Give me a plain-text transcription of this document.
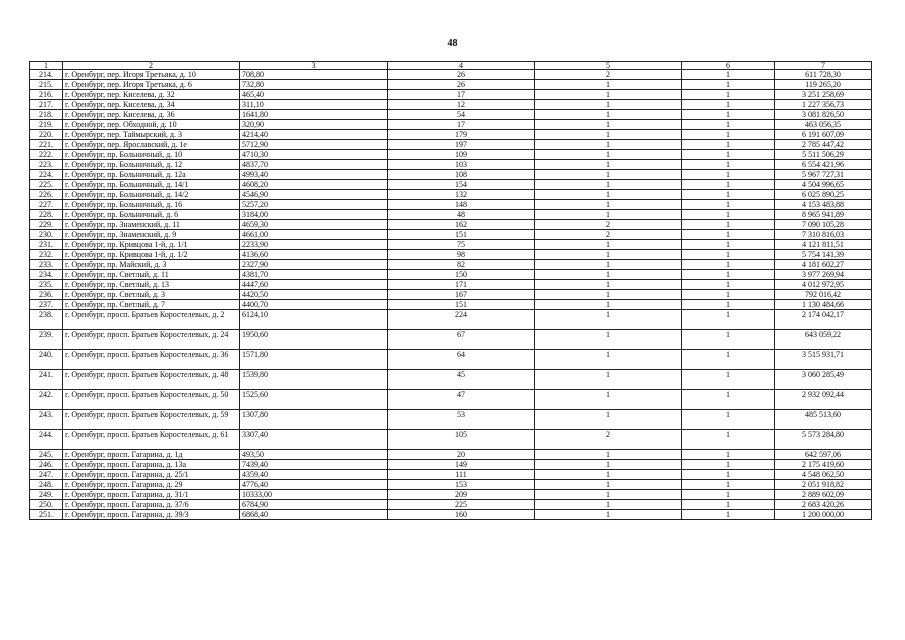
48
1	2	3	4	5	6	7
214.	г. Оренбург, пер. Игоря Третьяка, д. 10	708,80	26	2	1	611 728,30
215.	г. Оренбург, пер. Игоря Третьяка, д. 6	732,80	26	1	1	119 265,20
216.	г. Оренбург, пер. Киселева, д. 32	465,40	17	1	1	3 251 258,69
217.	г. Оренбург, пер. Киселева, д. 34	311,10	12	1	1	1 227 356,73
218.	г. Оренбург, пер. Киселева, д. 36	1641,80	54	1	1	3 081 826,50
219.	г. Оренбург, пер. Обходной, д. 10	320,90	17	1	1	463 056,35
220.	г. Оренбург, пер. Таймырский, д. 3	4214,40	179	1	1	6 191 607,09
221.	г. Оренбург, пер. Ярославский, д. 1е	5712,90	197	1	1	2 785 447,42
222.	г. Оренбург, пр. Больничный, д. 10	4710,30	109	1	1	5 511 506,29
223.	г. Оренбург, пр. Больничный, д. 12	4837,70	103	1	1	6 554 421,96
224.	г. Оренбург, пр. Больничный, д. 12а	4993,40	108	1	1	5 967 727,31
225.	г. Оренбург, пр. Больничный, д. 14/1	4608,20	154	1	1	4 504 996,65
226.	г. Оренбург, пр. Больничный, д. 14/2	4546,90	132	1	1	6 025 890,25
227.	г. Оренбург, пр. Больничный, д. 16	5257,20	148	1	1	4 153 483,88
228.	г. Оренбург, пр. Больничный, д. 6	3184,00	48	1	1	8 965 941,89
229.	г. Оренбург, пр. Знаменский, д. 11	4659,30	162	2	1	7 090 105,28
230.	г. Оренбург, пр. Знаменский, д. 9	4661,00	151	2	1	7 310 816,03
231.	г. Оренбург, пр. Кривцова 1-й, д. 1/1	2233,90	75	1	1	4 121 811,51
232.	г. Оренбург, пр. Кривцова 1-й, д. 1/2	4136,60	98	1	1	5 754 141,39
233.	г. Оренбург, пр. Майский, д. 3	2327,90	82	1	1	4 181 602,27
234.	г. Оренбург, пр. Светлый, д. 11	4381,70	150	1	1	3 977 269,94
235.	г. Оренбург, пр. Светлый, д. 13	4447,60	171	1	1	4 012 972,95
236.	г. Оренбург, пр. Светлый, д. 3	4420,50	167	1	1	792 016,42
237.	г. Оренбург, пр. Светлый, д. 7	4400,70	151	1	1	1 130 484,66
238.	г. Оренбург, просп. Братьев Коростелевых, д. 2	6124,10	224	1	1	2 174 042,17
239.	г. Оренбург, просп. Братьев Коростелевых, д. 24	1950,60	67	1	1	643 059,22
240.	г. Оренбург, просп. Братьев Коростелевых, д. 36	1571,80	64	1	1	3 515 931,71
241.	г. Оренбург, просп. Братьев Коростелевых, д. 48	1539,80	45	1	1	3 060 285,49
242.	г. Оренбург, просп. Братьев Коростелевых, д. 50	1525,60	47	1	1	2 932 092,44
243.	г. Оренбург, просп. Братьев Коростелевых, д. 59	1307,80	53	1	1	485 513,60
244.	г. Оренбург, просп. Братьев Коростелевых, д. 61	3307,40	105	2	1	5 573 284,80
245.	г. Оренбург, просп. Гагарина, д. 1д	493,50	20	1	1	642 597,06
246.	г. Оренбург, просп. Гагарина, д. 13а	7439,40	149	1	1	2 175 419,60
247.	г. Оренбург, просп. Гагарина, д. 25/1	4359,40	111	1	1	4 548 062,50
248.	г. Оренбург, просп. Гагарина, д. 29	4776,40	153	1	1	2 051 918,82
249.	г. Оренбург, просп. Гагарина, д. 31/1	10333,00	209	1	1	2 889 602,09
250.	г. Оренбург, просп. Гагарина, д. 37/6	6784,90	225	1	1	2 683 420,26
251.	г. Оренбург, просп. Гагарина, д. 39/3	6868,40	160	1	1	1 200 000,00
